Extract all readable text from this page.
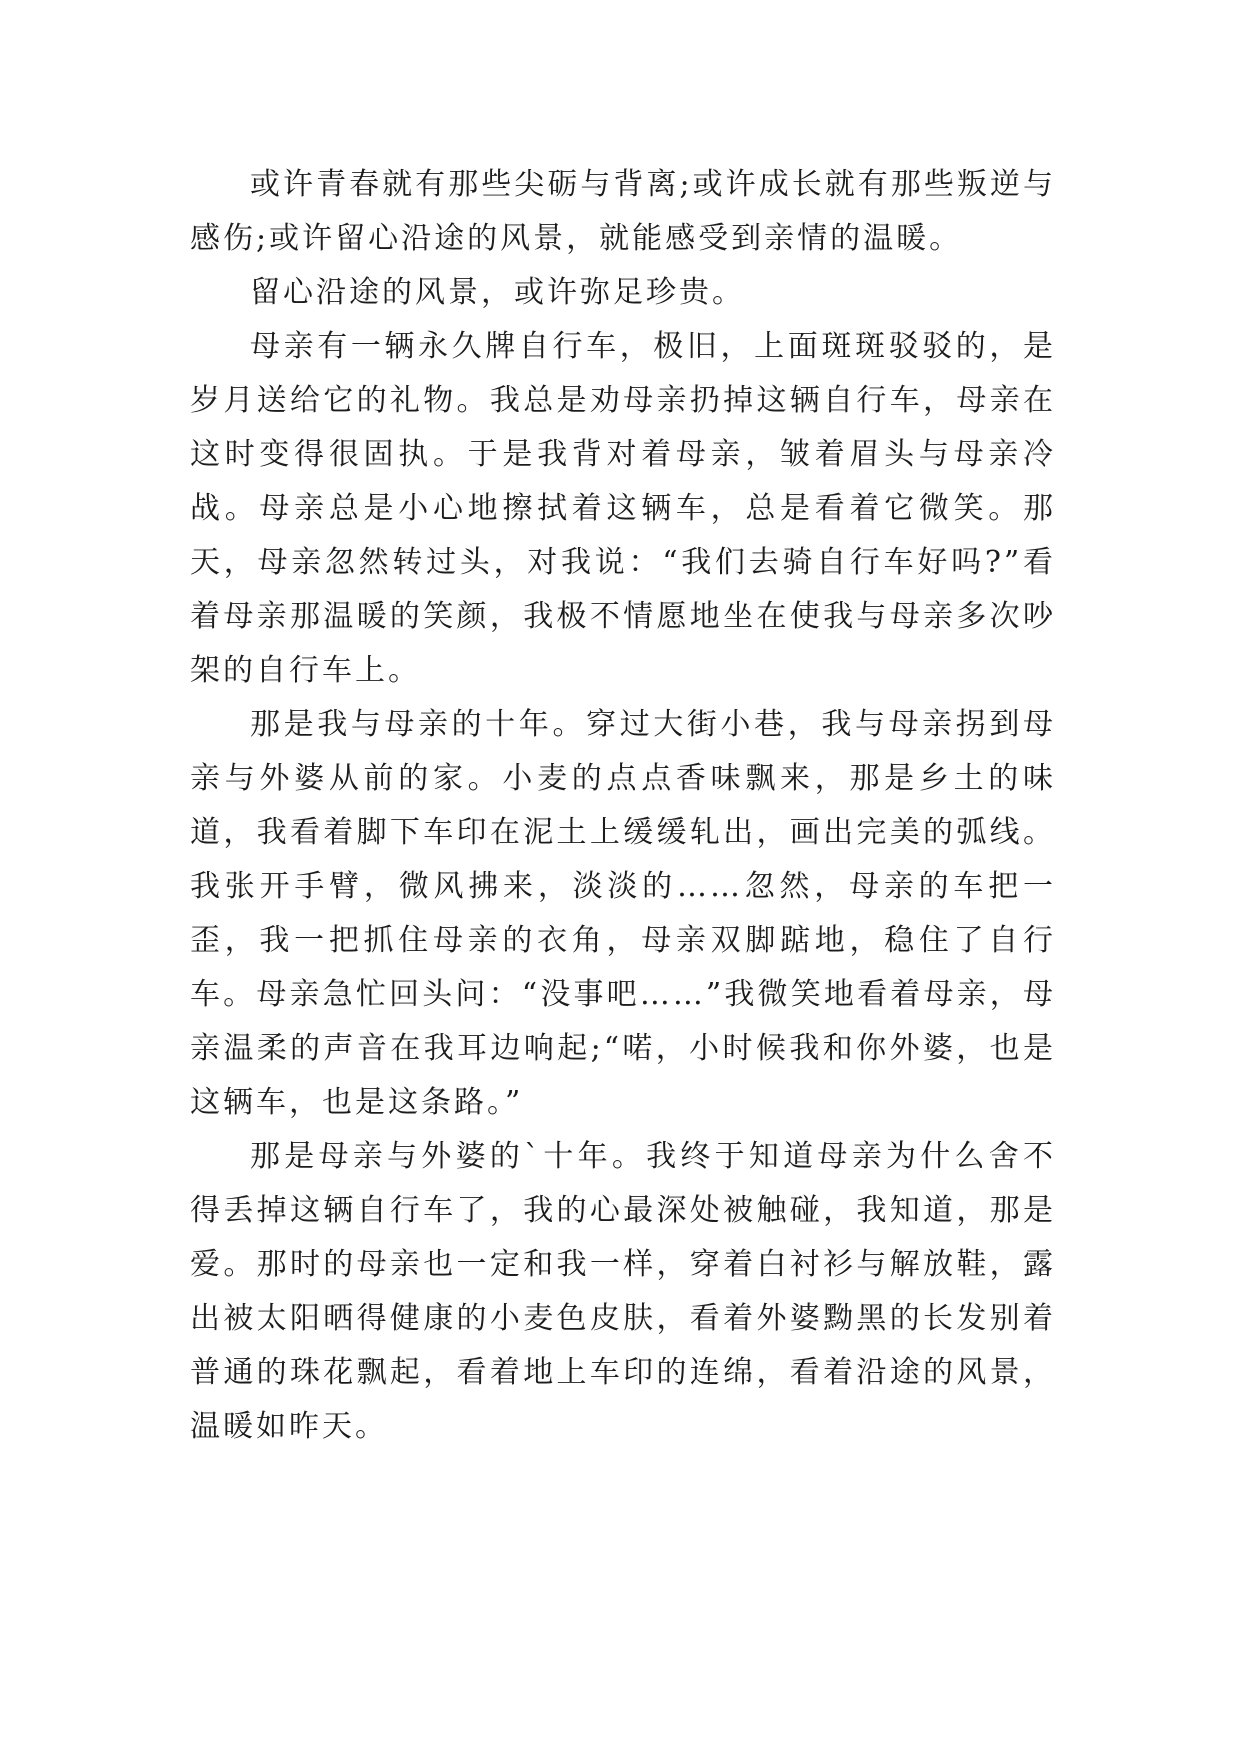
或许青春就有那些尖砺与背离;或许成长就有那些叛逆与感伤;或许留心沿途的风景，就能感受到亲情的温暖。

留心沿途的风景，或许弥足珍贵。

母亲有一辆永久牌自行车，极旧，上面斑斑驳驳的，是岁月送给它的礼物。我总是劝母亲扔掉这辆自行车，母亲在这时变得很固执。于是我背对着母亲，皱着眉头与母亲冷战。母亲总是小心地擦拭着这辆车，总是看着它微笑。那天，母亲忽然转过头，对我说：“我们去骑自行车好吗?”看着母亲那温暖的笑颜，我极不情愿地坐在使我与母亲多次吵架的自行车上。

那是我与母亲的十年。穿过大街小巷，我与母亲拐到母亲与外婆从前的家。小麦的点点香味飘来，那是乡土的味道，我看着脚下车印在泥土上缓缓轧出，画出完美的弧线。我张开手臂，微风拂来，淡淡的……忽然，母亲的车把一歪，我一把抓住母亲的衣角，母亲双脚踮地，稳住了自行车。母亲急忙回头问：“没事吧……”我微笑地看着母亲，母亲温柔的声音在我耳边响起;“喏，小时候我和你外婆，也是这辆车，也是这条路。”

那是母亲与外婆的`十年。我终于知道母亲为什么舍不得丢掉这辆自行车了，我的心最深处被触碰，我知道，那是爱。那时的母亲也一定和我一样，穿着白衬衫与解放鞋，露出被太阳晒得健康的小麦色皮肤，看着外婆黝黑的长发别着普通的珠花飘起，看着地上车印的连绵，看着沿途的风景，温暖如昨天。
